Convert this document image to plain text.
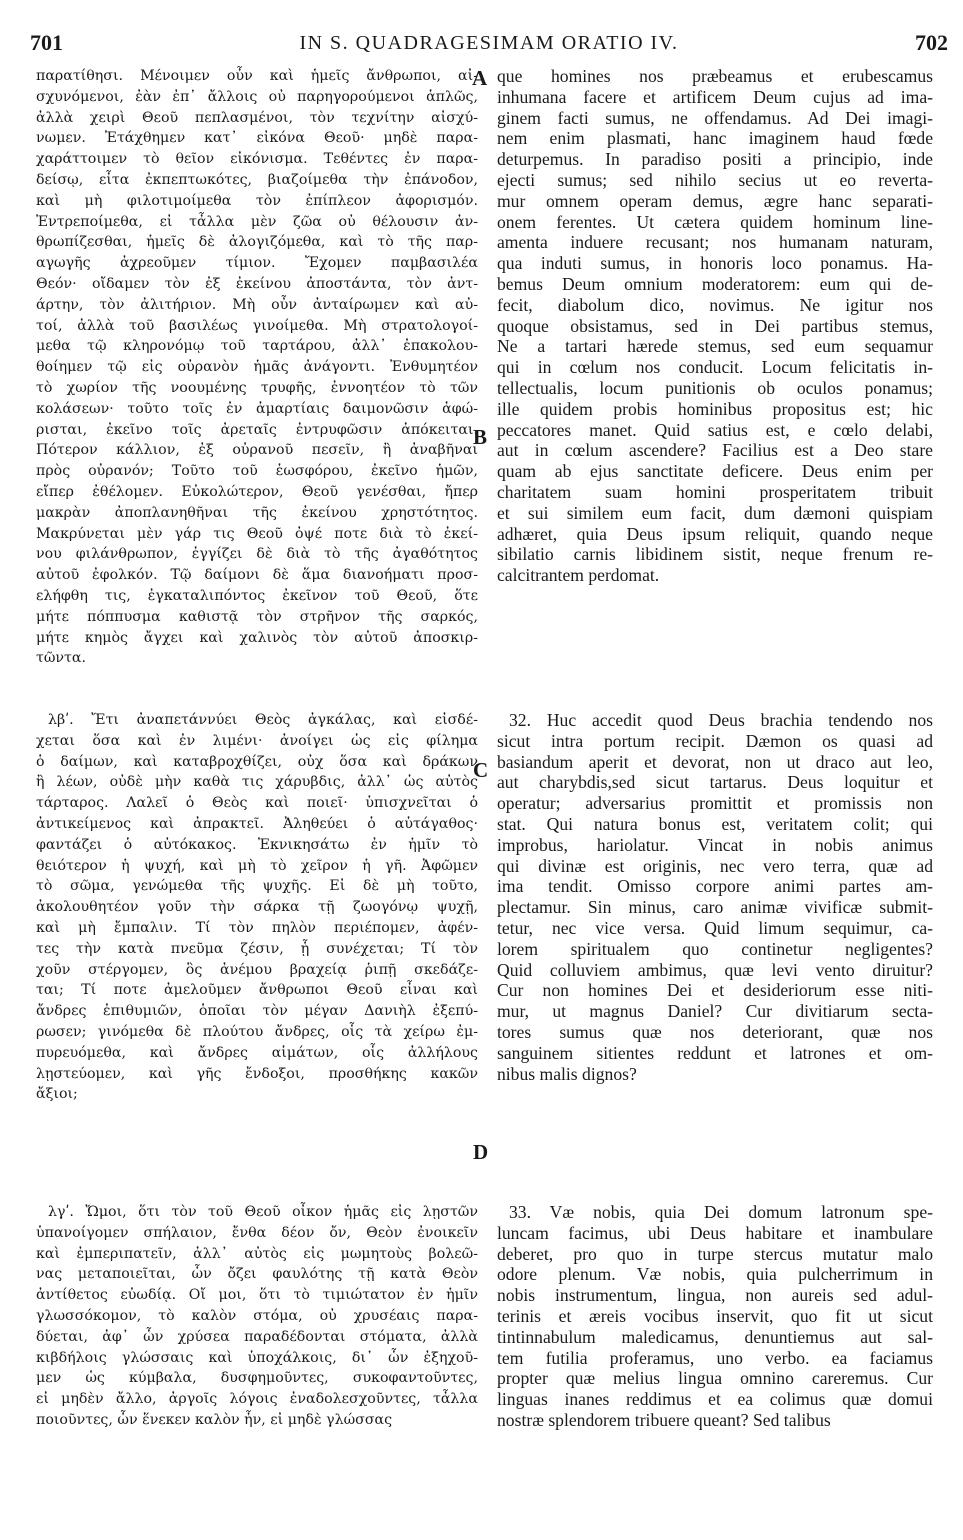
701	IN S. QUADRAGESIMAM ORATIO IV.	702
παρατίθησι. Μένοιμεν οὖν καὶ ἡμεῖς ἄνθρωποι, αἰ-
σχυνόμενοι, ἐὰν ἐπ᾽ ἄλλοις οὐ παρηγορούμενοι ἁπλῶς,
ἀλλὰ χειρὶ Θεοῦ πεπλασμένοι, τὸν τεχνίτην αἰσχύ-
νωμεν. Ἐτάχθημεν κατ᾽ εἰκόνα Θεοῦ· μηδὲ παρα-
χαράττοιμεν τὸ θεῖον εἰκόνισμα. Τεθέντες ἐν παρα-
δείσῳ, εἶτα ἐκπεπτωκότες, βιαζοίμεθα τὴν ἐπάνοδον,
καὶ μὴ φιλοτιμοίμεθα τὸν ἐπίπλεον ἀφορισμόν.
Ἐντρεποίμεθα, εἰ τἆλλα μὲν ζῶα οὐ θέλουσιν ἀν-
θρωπίζεσθαι, ἡμεῖς δὲ ἀλογιζόμεθα, καὶ τὸ τῆς παρ-
αγωγῆς ἀχρεοῦμεν τίμιον. Ἔχομεν παμβασιλέα
Θεόν· οἴδαμεν τὸν ἐξ ἐκείνου ἀποστάντα, τὸν ἀντ-
άρτην, τὸν ἀλιτήριον. Μὴ οὖν ἀνταίρωμεν καὶ αὐ-
τοί, ἀλλὰ τοῦ βασιλέως γινοίμεθα. Μὴ στρατολογοί-
μεθα τῷ κληρονόμῳ τοῦ ταρτάρου, ἀλλ᾽ ἐπακολου-
θοίημεν τῷ εἰς οὐρανὸν ἡμᾶς ἀνάγοντι. Ἐνθυμητέον
τὸ χωρίον τῆς νοουμένης τρυφῆς, ἐννοητέον τὸ τῶν
κολάσεων· τοῦτο τοῖς ἐν ἁμαρτίαις δαιμονῶσιν ἀφώ-
ρισται, ἐκεῖνο τοῖς ἀρεταῖς ἐντρυφῶσιν ἀπόκειται.
Πότερον κάλλιον, ἐξ οὐρανοῦ πεσεῖν, ἢ ἀναβῆναι
πρὸς οὐρανόν; Τοῦτο τοῦ ἑωσφόρου, ἐκεῖνο ἡμῶν,
εἴπερ ἐθέλομεν. Εὐκολώτερον, Θεοῦ γενέσθαι, ἤπερ
μακρὰν ἀποπλανηθῆναι τῆς ἐκείνου χρηστότητος.
Μακρύνεται μὲν γάρ τις Θεοῦ ὀψέ ποτε διὰ τὸ ἐκεί-
νου φιλάνθρωπον, ἐγγίζει δὲ διὰ τὸ τῆς ἀγαθότητος
αὐτοῦ ἐφολκόν. Τῷ δαίμονι δὲ ἅμα διανοήματι προσ-
ελήφθη τις, ἐγκαταλιπόντος ἐκεῖνον τοῦ Θεοῦ, ὅτε
μήτε πόππυσμα καθιστᾷ τὸν στρῆνον τῆς σαρκός,
μήτε κημὸς ἄγχει καὶ χαλινὸς τὸν αὐτοῦ ἀποσκιρ-
τῶντα.
que homines nos præbeamus et erubescamus
inhumana facere et artificem Deum cujus ad ima-
ginem facti sumus, ne offendamus. Ad Dei imagi-
nem enim plasmati, hanc imaginem haud fœde
deturpemus. In paradiso positi a principio, inde
ejecti sumus; sed nihilo secius ut eo reverta-
mur omnem operam demus, ægre hanc separati-
onem ferentes. Ut cætera quidem hominum line-
amenta induere recusant; nos humanam naturam,
qua induti sumus, in honoris loco ponamus. Ha-
bemus Deum omnium moderatorem: eum qui de-
fecit, diabolum dico, novimus. Ne igitur nos
quoque obsistamus, sed in Dei partibus stemus,
Ne a tartari hærede stemus, sed eum sequamur
qui in cœlum nos conducit. Locum felicitatis in-
tellectualis, locum punitionis ob oculos ponamus;
ille quidem probis hominibus propositus est; hic
peccatores manet. Quid satius est, e cœlo delabi,
aut in cœlum ascendere? Facilius est a Deo stare
quam ab ejus sanctitate deficere. Deus enim per
charitatem suam homini prosperitatem tribuit
et sui similem eum facit, dum dæmoni quispiam
adhæret, quia Deus ipsum reliquit, quando neque
sibilatio carnis libidinem sistit, neque frenum re-
calcitrantem perdomat.
λβʹ. Ἔτι ἀναπετάννύει Θεὸς ἀγκάλας, καὶ εἰσδέ-
χεται ὅσα καὶ ἐν λιμένι· ἀνοίγει ὡς εἰς φίλημα
ὁ δαίμων, καὶ καταβροχθίζει, οὐχ ὅσα καὶ δράκων
ἢ λέων, οὐδὲ μὴν καθὰ τις χάρυβδις, ἀλλ᾽ ὡς αὐτὸς
τάρταρος. Λαλεῖ ὁ Θεὸς καὶ ποιεῖ· ὑπισχνεῖται ὁ
ἀντικείμενος καὶ ἀπρακτεῖ. Ἀληθεύει ὁ αὐτάγαθος·
φαντάζει ὁ αὐτόκακος. Ἐκνικησάτω ἐν ἡμῖν τὸ
θειότερον ἡ ψυχή, καὶ μὴ τὸ χεῖρον ἡ γῆ. Ἀφῶμεν
τὸ σῶμα, γενώμεθα τῆς ψυχῆς. Εἰ δὲ μὴ τοῦτο,
ἀκολουθητέον γοῦν τὴν σάρκα τῇ ζωογόνῳ ψυχῇ,
καὶ μὴ ἔμπαλιν. Τί τὸν πηλὸν περιέπομεν, ἀφέν-
τες τὴν κατὰ πνεῦμα ζέσιν, ᾗ συνέχεται; Τί τὸν
χοῦν στέργομεν, ὃς ἀνέμου βραχείᾳ ῥιπῇ σκεδάζε-
ται; Τί ποτε ἀμελοῦμεν ἄνθρωποι Θεοῦ εἶναι καὶ
ἄνδρες ἐπιθυμιῶν, ὁποῖαι τὸν μέγαν Δανιὴλ ἐξεπύ-
ρωσεν; γινόμεθα δὲ πλούτου ἄνδρες, οἷς τὰ χείρω ἐμ-
πυρευόμεθα, καὶ ἄνδρες αἱμάτων, οἷς ἀλλήλους
λῃστεύομεν, καὶ γῆς ἔνδοξοι, προσθήκης κακῶν
ἄξιοι;
32. Huc accedit quod Deus brachia tendendo nos
sicut intra portum recipit. Dæmon os quasi ad
basiandum aperit et devorat, non ut draco aut leo,
aut charybdis,sed sicut tartarus. Deus loquitur et
operatur; adversarius promittit et promissis non
stat. Qui natura bonus est, veritatem colit; qui
improbus, hariolatur. Vincat in nobis animus
qui divinæ est originis, nec vero terra, quæ ad
ima tendit. Omisso corpore animi partes am-
plectamur. Sin minus, caro animæ vivificæ submit-
tetur, nec vice versa. Quid limum sequimur, ca-
lorem spiritualem quo continetur negligentes?
Quid colluviem ambimus, quæ levi vento diruitur?
Cur non homines Dei et desideriorum esse niti-
mur, ut magnus Daniel? Cur divitiarum secta-
tores sumus quæ nos deteriorant, quæ nos
sanguinem sitientes reddunt et latrones et om-
nibus malis dignos?
λγʹ. Ὤμοι, ὅτι τὸν τοῦ Θεοῦ οἶκον ἡμᾶς εἰς λῃστῶν
ὑπανοίγομεν σπήλαιον, ἔνθα δέον ὄν, Θεὸν ἐνοικεῖν
καὶ ἐμπεριπατεῖν, ἀλλ᾽ αὐτὸς εἰς μωμητοὺς βολεῶ-
νας μεταποιεῖται, ὧν ὄζει φαυλότης τῇ κατὰ Θεὸν
ἀντίθετος εὐωδίᾳ. Οἴ μοι, ὅτι τὸ τιμιώτατον ἐν ἡμῖν
γλωσσόκομον, τὸ καλὸν στόμα, οὐ χρυσέαις παρα-
δύεται, ἀφ᾽ ὧν χρύσεα παραδέδονται στόματα, ἀλλὰ
κιβδήλοις γλώσσαις καὶ ὑποχάλκοις, δι᾽ ὧν ἐξηχοῦ-
μεν ὡς κύμβαλα, δυσφημοῦντες, συκοφαντοῦντες,
εἰ μηδὲν ἄλλο, ἀργοῖς λόγοις ἐναδολεσχοῦντες, τἆλλα
ποιοῦντες, ὧν ἕνεκεν καλὸν ἦν, εἰ μηδὲ γλώσσας
33. Væ nobis, quia Dei domum latronum spe-
luncam facimus, ubi Deus habitare et inambulare
deberet, pro quo in turpe stercus mutatur malo
odore plenum. Væ nobis, quia pulcherrimum in
nobis instrumentum, lingua, non aureis sed adul-
terinis et æreis vocibus inservit, quo fit ut sicut
tintinnabulum maledicamus, denuntiemus aut sal-
tem futilia proferamus, uno verbo. ea faciamus
propter quæ melius lingua omnino careremus. Cur
linguas inanes reddimus et ea colimus quæ domui
nostræ splendorem tribuere queant? Sed talibus
A
B
C
D
